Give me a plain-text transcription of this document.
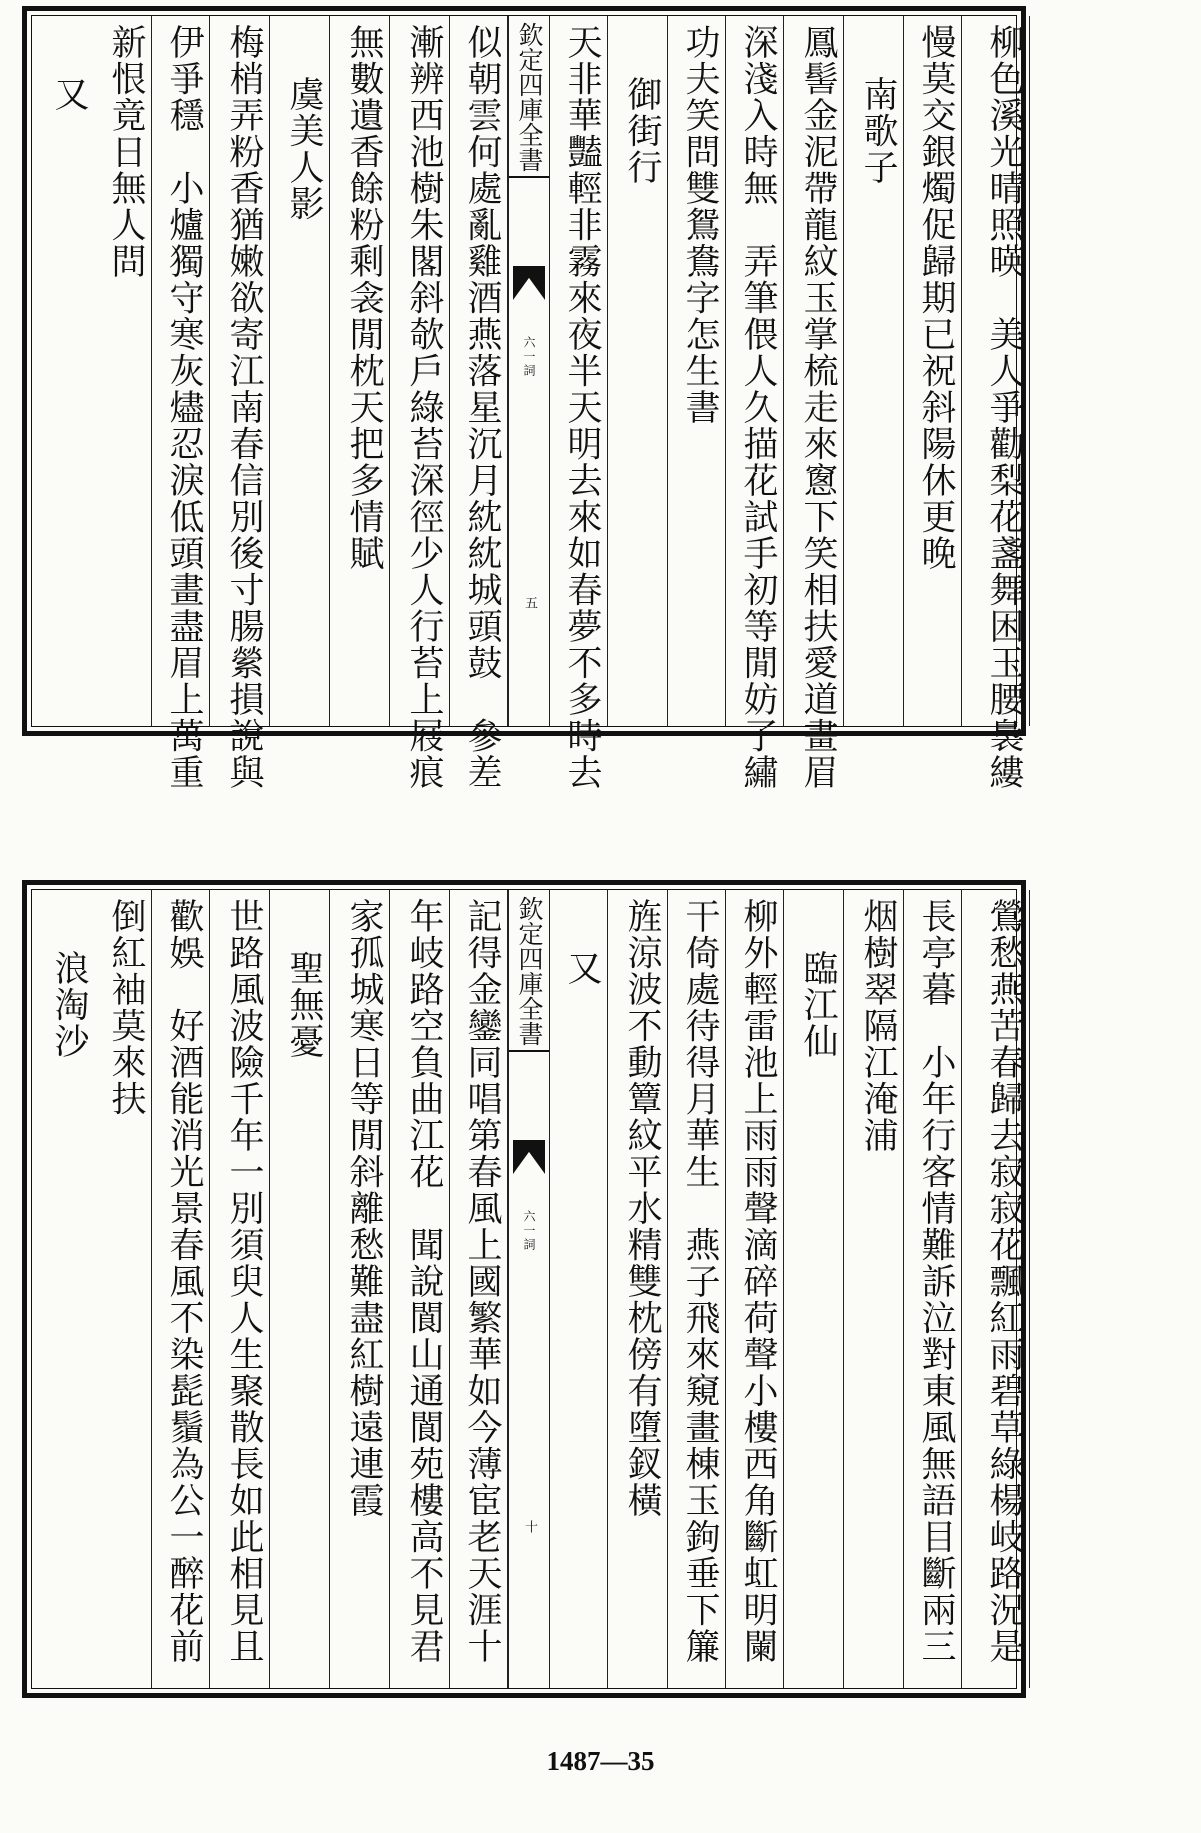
柳色溪光晴照暎　美人爭勸梨花盞舞困玉腰裊縷
慢莫交銀燭促歸期已祝斜陽休更晚
南歌子
鳳髻金泥帶龍紋玉掌梳走來窻下笑相扶愛道畫眉
深淺入時無　弄筆偎人久描花試手初等閒妨了繡
功夫笑問雙鴛鴦字怎生書
御街行
天非華豔輕非霧來夜半天明去來如春夢不多時去
欽定四庫全書
六一詞
五
似朝雲何處亂雞酒燕落星沉月紞紞城頭鼓　參差
漸辨西池樹朱閣斜欹戶綠苔深徑少人行苔上屐痕
無數遺香餘粉剩衾閒枕天把多情賦
虞美人影
梅梢弄粉香猶嫩欲寄江南春信別後寸腸縈損說與
伊爭穩　小爐獨守寒灰燼忍淚低頭畫盡眉上萬重
新恨竟日無人問
又
鶯愁燕苦春歸去寂寂花飄紅雨碧草綠楊岐路況是
長亭暮　小年行客情難訴泣對東風無語目斷兩三
烟樹翠隔江淹浦
臨江仙
柳外輕雷池上雨雨聲滴碎荷聲小樓西角斷虹明闌
干倚處待得月華生　燕子飛來窺畫棟玉鉤垂下簾
旌涼波不動簟紋平水精雙枕傍有墮釵橫
又
欽定四庫全書
六一詞
十
記得金鑾同唱第春風上國繁華如今薄宦老天涯十
年岐路空負曲江花　聞說閬山通閬苑樓高不見君
家孤城寒日等閒斜離愁難盡紅樹遠連霞
聖無憂
世路風波險千年一別須臾人生聚散長如此相見且
歡娛　好酒能消光景春風不染髭鬚為公一醉花前
倒紅袖莫來扶
浪淘沙
1487—35
